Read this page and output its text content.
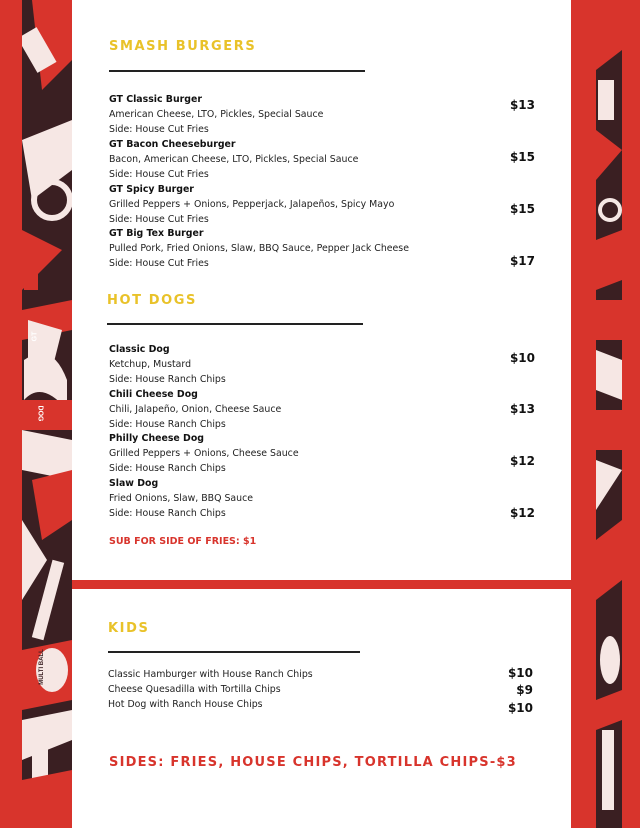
GT
DOG
MULTI BALL
SMASH BURGERS
GT Classic Burger
American Cheese, LTO, Pickles, Special Sauce
Side: House Cut Fries
$13
GT Bacon Cheeseburger
Bacon, American Cheese, LTO, Pickles, Special Sauce
Side: House Cut Fries
$15
GT Spicy Burger
Grilled Peppers + Onions, Pepperjack, Jalapeños, Spicy Mayo
Side: House Cut Fries
$15
GT Big Tex Burger
Pulled Pork, Fried Onions, Slaw, BBQ Sauce, Pepper Jack Cheese
Side: House Cut Fries	$17
HOT DOGS
Classic Dog
Ketchup, Mustard
Side: House Ranch Chips
$10
Chili Cheese Dog
Chili, Jalapeño, Onion, Cheese Sauce
Side: House Ranch Chips
$13
Philly Cheese Dog
Grilled Peppers + Onions, Cheese Sauce
Side: House Ranch Chips
$12
Slaw Dog
Fried Onions, Slaw, BBQ Sauce
Side: House Ranch Chips	$12
SUB FOR SIDE OF FRIES: $1
KIDS
Classic Hamburger with House Ranch Chips	$10
Cheese Quesadilla with Tortilla Chips	$9
Hot Dog with Ranch House Chips	$10
SIDES: FRIES, HOUSE CHIPS, TORTILLA CHIPS-$3
